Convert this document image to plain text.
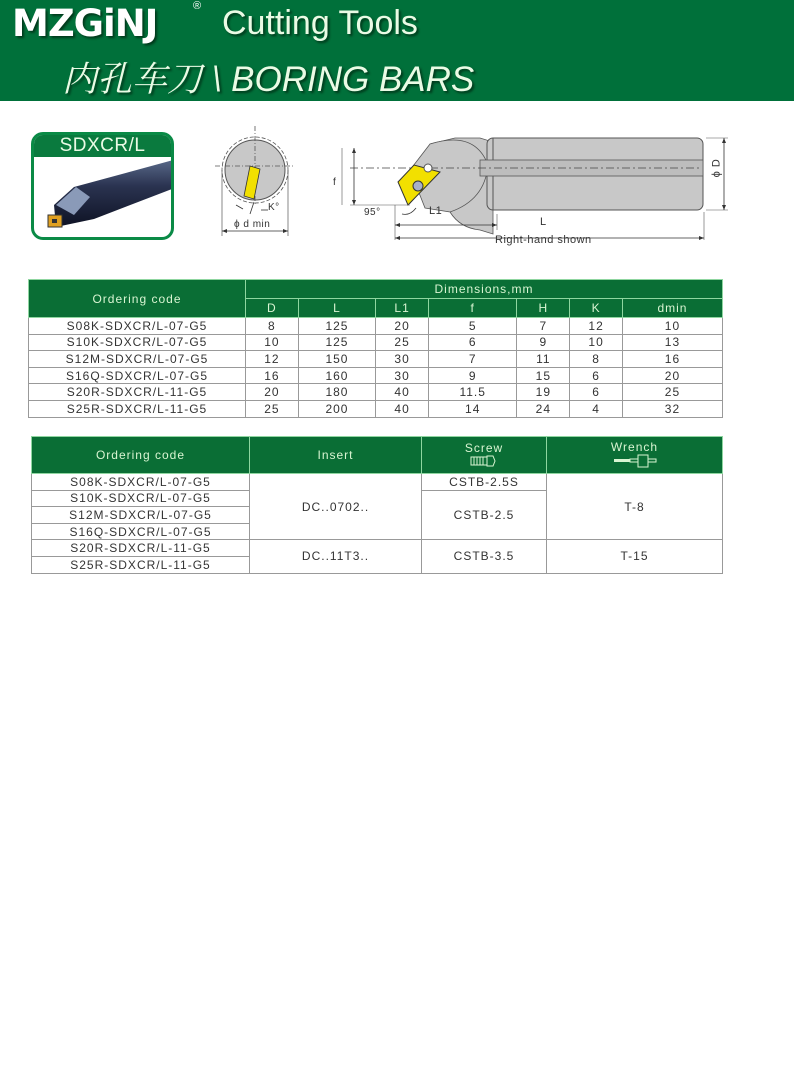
MZGiNJ	® Cutting Tools
内孔车刀 \ BORING BARS
SDXCR/L
K°
ϕ d min
f
95°	L1
L
ϕ D
Right-hand shown
Ordering code	Dimensions,mm						
	D	L	L1	f	H	K	dmin
S08K-SDXCR/L-07-G5	8	125	20	5	7	12	10
S10K-SDXCR/L-07-G5	10	125	25	6	9	10	13
S12M-SDXCR/L-07-G5	12	150	30	7	11	8	16
S16Q-SDXCR/L-07-G5	16	160	30	9	15	6	20
S20R-SDXCR/L-11-G5	20	180	40	11.5	19	6	25
S25R-SDXCR/L-11-G5	25	200	40	14	24	4	32
Ordering code	Insert	Screw	Wrench

S08K-SDXCR/L-07-G5	DC..0702..	CSTB-2.5S	T-8
S10K-SDXCR/L-07-G5		CSTB-2.5	
S12M-SDXCR/L-07-G5			
S16Q-SDXCR/L-07-G5			
S20R-SDXCR/L-11-G5	DC..11T3..	CSTB-3.5	T-15
S25R-SDXCR/L-11-G5			
